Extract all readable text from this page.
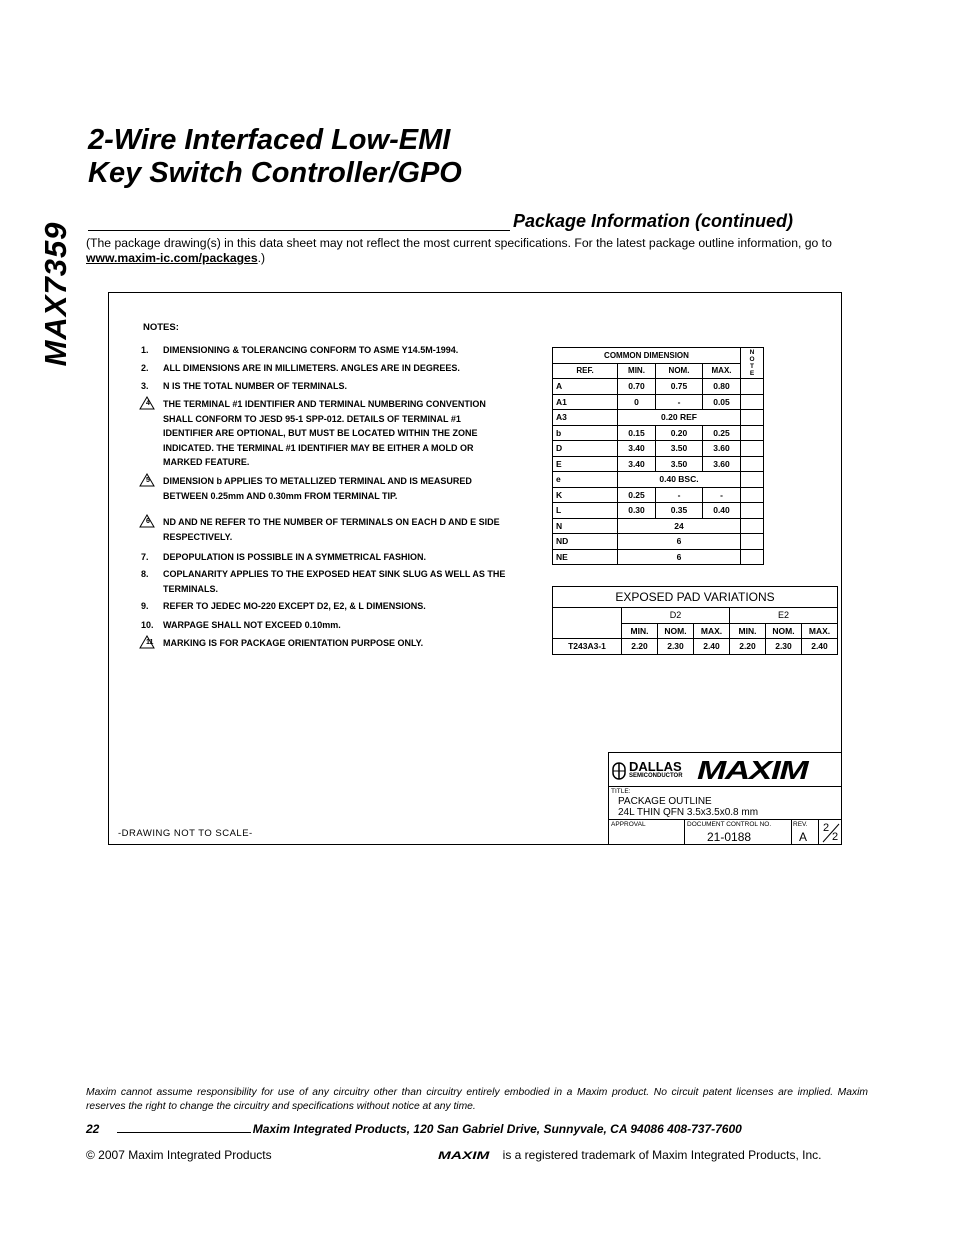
MAX7359
2-Wire Interfaced Low-EMI
Key Switch Controller/GPO
Package Information (continued)
(The package drawing(s) in this data sheet may not reflect the most current specifications. For the latest package outline information, go to www.maxim-ic.com/packages.)
NOTES:
1.	DIMENSIONING & TOLERANCING CONFORM TO ASME Y14.5M-1994.
2.	ALL DIMENSIONS ARE IN MILLIMETERS. ANGLES ARE IN DEGREES.
3.	N IS THE TOTAL NUMBER OF TERMINALS.
4 THE TERMINAL #1 IDENTIFIER AND TERMINAL NUMBERING CONVENTION SHALL CONFORM TO JESD 95-1 SPP-012. DETAILS OF TERMINAL #1 IDENTIFIER ARE OPTIONAL, BUT MUST BE LOCATED WITHIN THE ZONE INDICATED. THE TERMINAL #1 IDENTIFIER MAY BE EITHER A MOLD OR MARKED FEATURE.
5 DIMENSION b APPLIES TO METALLIZED TERMINAL AND IS MEASURED BETWEEN 0.25mm AND 0.30mm FROM TERMINAL TIP.
6 ND AND NE REFER TO THE NUMBER OF TERMINALS ON EACH D AND E SIDE RESPECTIVELY.
7.	DEPOPULATION IS POSSIBLE IN A SYMMETRICAL FASHION.
8.	COPLANARITY APPLIES TO THE EXPOSED HEAT SINK SLUG AS WELL AS THE TERMINALS.
9.	REFER TO JEDEC MO-220 EXCEPT D2, E2, & L DIMENSIONS.
10.	WARPAGE SHALL NOT EXCEED 0.10mm.
11 MARKING IS FOR PACKAGE ORIENTATION PURPOSE ONLY.
COMMON DIMENSION				N O T E
REF.	MIN.	NOM.	MAX.	
A	0.70	0.75	0.80	
A1	0	-	0.05	
A3	0.20 REF			
b	0.15	0.20	0.25	
D	3.40	3.50	3.60	
E	3.40	3.50	3.60	
e	0.40 BSC.			
K	0.25	-	-	
L	0.30	0.35	0.40	
N	24			
ND	6			
NE	6			
EXPOSED PAD VARIATIONS						
	D2			E2		
	MIN.	NOM.	MAX.	MIN.	NOM.	MAX.
T243A3-1	2.20	2.30	2.40	2.20	2.30	2.40
DALLAS
SEMICONDUCTOR MAXIM
TITLE:
PACKAGE OUTLINE
24L THIN QFN 3.5x3.5x0.8 mm
APPROVAL	DOCUMENT CONTROL NO.
21-0188
REV.
A
2
2
-DRAWING NOT TO SCALE-
Maxim cannot assume responsibility for use of any circuitry other than circuitry entirely embodied in a Maxim product. No circuit patent licenses are implied. Maxim reserves the right to change the circuitry and specifications without notice at any time.
22	Maxim Integrated Products, 120 San Gabriel Drive, Sunnyvale, CA 94086 408-737-7600
© 2007 Maxim Integrated Products	MAXIM is a registered trademark of Maxim Integrated Products, Inc.
